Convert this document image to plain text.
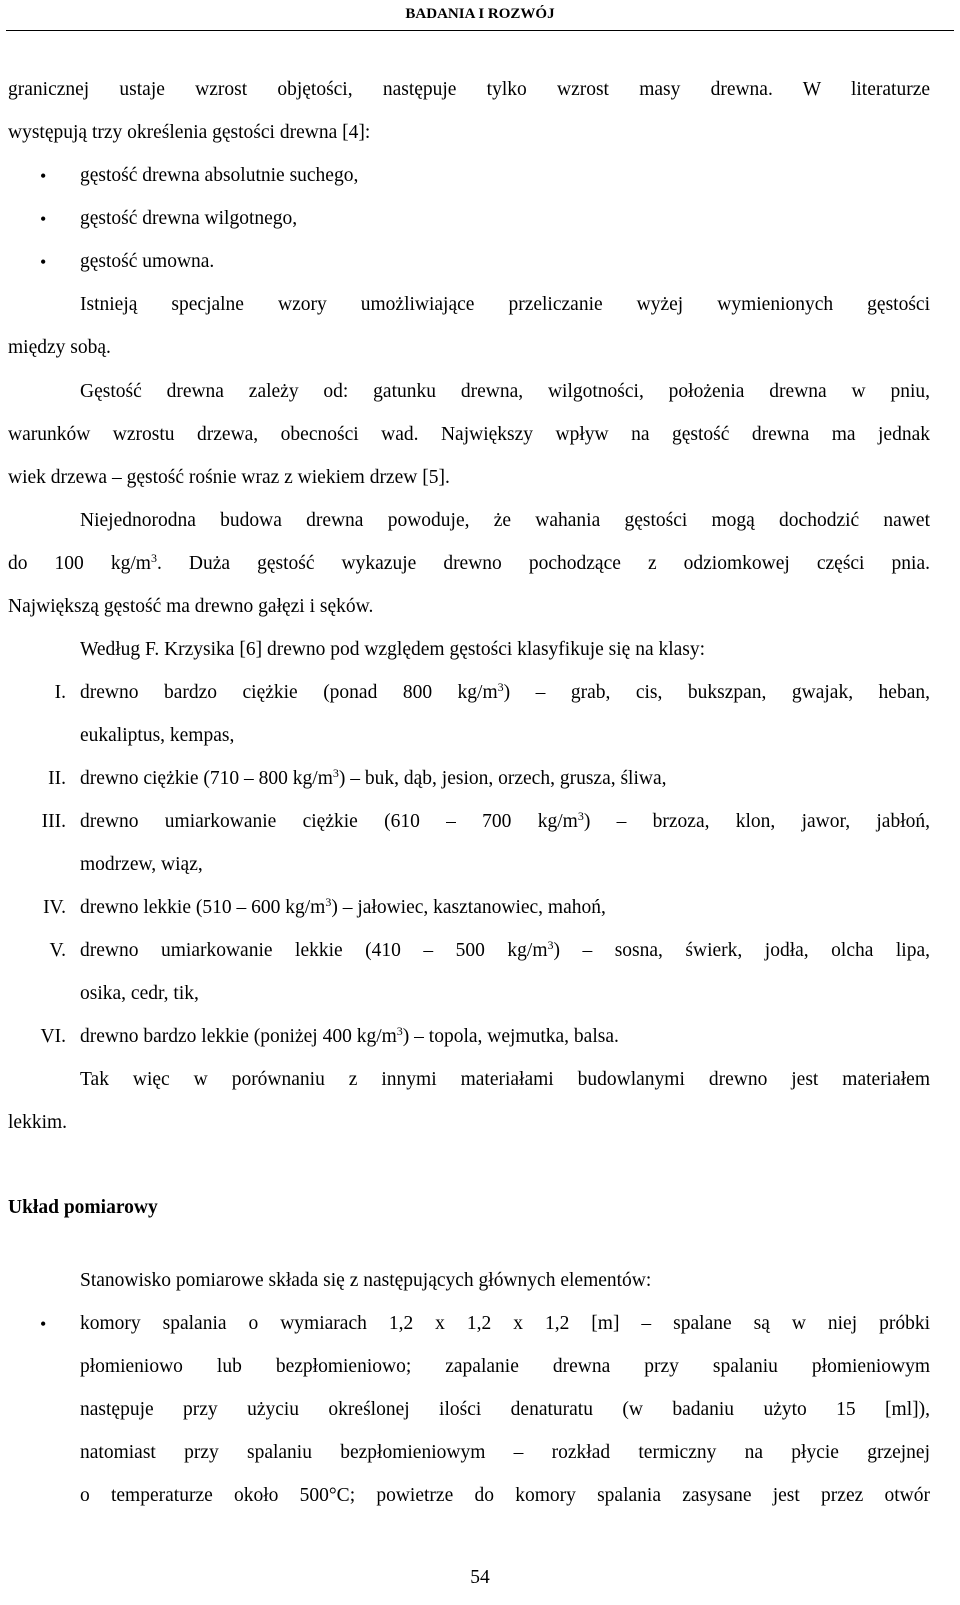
BADANIA I ROZWÓJ
granicznej ustaje wzrost objętości, następuje tylko wzrost masy drewna. W literaturze
występują trzy określenia gęstości drewna [4]:
• gęstość drewna absolutnie suchego,
• gęstość drewna wilgotnego,
• gęstość umowna.
Istnieją specjalne wzory umożliwiające przeliczanie wyżej wymienionych gęstości
między sobą.
Gęstość drewna zależy od: gatunku drewna, wilgotności, położenia drewna w pniu,
warunków wzrostu drzewa, obecności wad. Największy wpływ na gęstość drewna ma jednak
wiek drzewa – gęstość rośnie wraz z wiekiem drzew [5].
Niejednorodna budowa drewna powoduje, że wahania gęstości mogą dochodzić nawet
do 100 $kg/m^3$. Duża gęstość wykazuje drewno pochodzące z odziomkowej części pnia.
Największą gęstość ma drewno gałęzi i sęków.
Według F. Krzysika [6] drewno pod względem gęstości klasyfikuje się na klasy:
I. drewno bardzo ciężkie (ponad 800 $kg/m^3$) – grab, cis, bukszpan, gwajak, heban,
eukaliptus, kempas,
II. drewno ciężkie (710 – 800 $kg/m^3$) – buk, dąb, jesion, orzech, grusza, śliwa,
III. drewno umiarkowanie ciężkie (610 – 700 $kg/m^3$) – brzoza, klon, jawor, jabłoń,
modrzew, wiąz,
IV. drewno lekkie (510 – 600 $kg/m^3$) – jałowiec, kasztanowiec, mahoń,
V. drewno umiarkowanie lekkie (410 – 500 $kg/m^3$) – sosna, świerk, jodła, olcha lipa,
osika, cedr, tik,
VI. drewno bardzo lekkie (poniżej 400 $kg/m^3$) – topola, wejmutka, balsa.
Tak więc w porównaniu z innymi materiałami budowlanymi drewno jest materiałem
lekkim.
Układ pomiarowy
Stanowisko pomiarowe składa się z następujących głównych elementów:
• komory spalania o wymiarach 1,2 x 1,2 x 1,2 [m] – spalane są w niej próbki
płomieniowo lub bezpłomieniowo; zapalanie drewna przy spalaniu płomieniowym
następuje przy użyciu określonej ilości denaturatu (w badaniu użyto 15 [ml]),
natomiast przy spalaniu bezpłomieniowym – rozkład termiczny na płycie grzejnej
o temperaturze około 500°C; powietrze do komory spalania zasysane jest przez otwór
54
